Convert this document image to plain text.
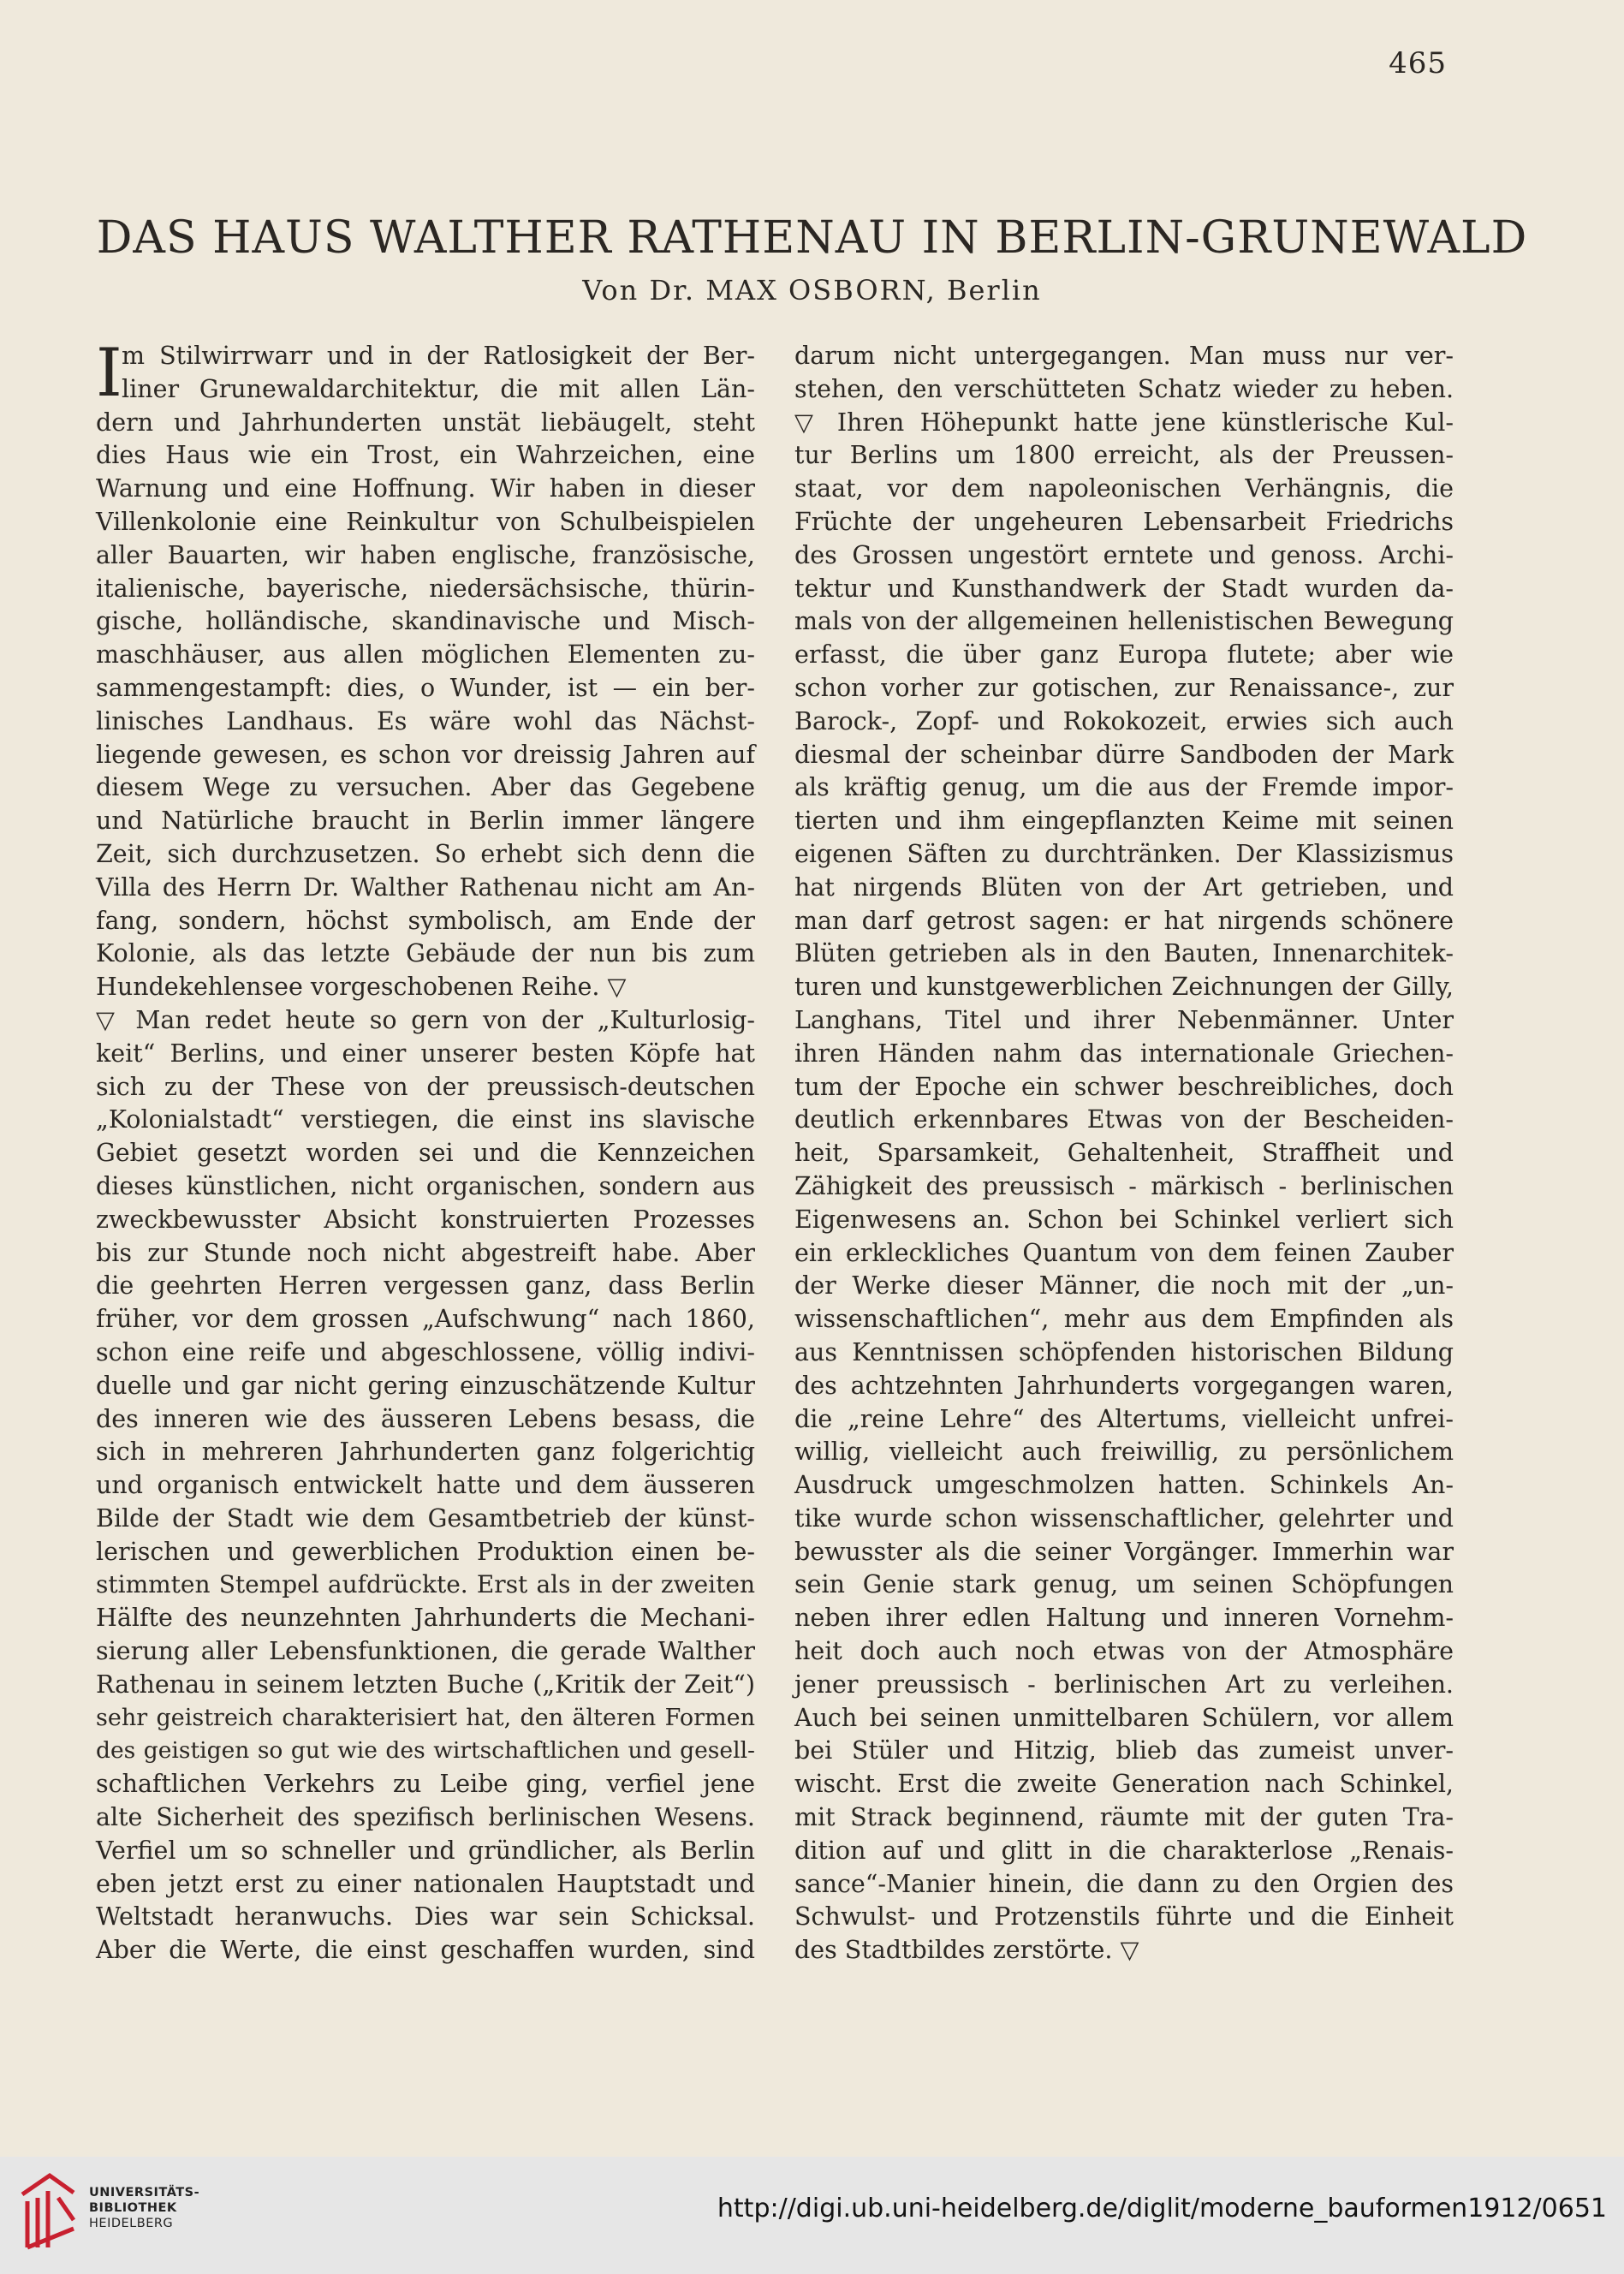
465
DAS HAUS WALTHER RATHENAU IN BERLIN-GRUNEWALD
Von Dr. MAX OSBORN, Berlin
I m Stilwirrwarr und in der Ratlosigkeit der Ber-
liner Grunewaldarchitektur, die mit allen Län-
dern und Jahrhunderten unstät liebäugelt, steht
dies Haus wie ein Trost, ein Wahrzeichen, eine
Warnung und eine Hoffnung. Wir haben in dieser
Villenkolonie eine Reinkultur von Schulbeispielen
aller Bauarten, wir haben englische, französische,
italienische, bayerische, niedersächsische, thürin-
gische, holländische, skandinavische und Misch-
maschhäuser, aus allen möglichen Elementen zu-
sammengestampft: dies, o Wunder, ist — ein ber-
linisches Landhaus. Es wäre wohl das Nächst-
liegende gewesen, es schon vor dreissig Jahren auf
diesem Wege zu versuchen. Aber das Gegebene
und Natürliche braucht in Berlin immer längere
Zeit, sich durchzusetzen. So erhebt sich denn die
Villa des Herrn Dr. Walther Rathenau nicht am An-
fang, sondern, höchst symbolisch, am Ende der
Kolonie, als das letzte Gebäude der nun bis zum
Hundekehlensee vorgeschobenen Reihe. ▽
▽ Man redet heute so gern von der „Kulturlosig-
keit“ Berlins, und einer unserer besten Köpfe hat
sich zu der These von der preussisch-deutschen
„Kolonialstadt“ verstiegen, die einst ins slavische
Gebiet gesetzt worden sei und die Kennzeichen
dieses künstlichen, nicht organischen, sondern aus
zweckbewusster Absicht konstruierten Prozesses
bis zur Stunde noch nicht abgestreift habe. Aber
die geehrten Herren vergessen ganz, dass Berlin
früher, vor dem grossen „Aufschwung“ nach 1860,
schon eine reife und abgeschlossene, völlig indivi-
duelle und gar nicht gering einzuschätzende Kultur
des inneren wie des äusseren Lebens besass, die
sich in mehreren Jahrhunderten ganz folgerichtig
und organisch entwickelt hatte und dem äusseren
Bilde der Stadt wie dem Gesamtbetrieb der künst-
lerischen und gewerblichen Produktion einen be-
stimmten Stempel aufdrückte. Erst als in der zweiten
Hälfte des neunzehnten Jahrhunderts die Mechani-
sierung aller Lebensfunktionen, die gerade Walther
Rathenau in seinem letzten Buche („Kritik der Zeit“)
sehr geistreich charakterisiert hat, den älteren Formen
des geistigen so gut wie des wirtschaftlichen und gesell-
schaftlichen Verkehrs zu Leibe ging, verfiel jene
alte Sicherheit des spezifisch berlinischen Wesens.
Verfiel um so schneller und gründlicher, als Berlin
eben jetzt erst zu einer nationalen Hauptstadt und
Weltstadt heranwuchs. Dies war sein Schicksal.
Aber die Werte, die einst geschaffen wurden, sind
darum nicht untergegangen. Man muss nur ver-
stehen, den verschütteten Schatz wieder zu heben.
▽ Ihren Höhepunkt hatte jene künstlerische Kul-
tur Berlins um 1800 erreicht, als der Preussen-
staat, vor dem napoleonischen Verhängnis, die
Früchte der ungeheuren Lebensarbeit Friedrichs
des Grossen ungestört erntete und genoss. Archi-
tektur und Kunsthandwerk der Stadt wurden da-
mals von der allgemeinen hellenistischen Bewegung
erfasst, die über ganz Europa flutete; aber wie
schon vorher zur gotischen, zur Renaissance-, zur
Barock-, Zopf- und Rokokozeit, erwies sich auch
diesmal der scheinbar dürre Sandboden der Mark
als kräftig genug, um die aus der Fremde impor-
tierten und ihm eingepflanzten Keime mit seinen
eigenen Säften zu durchtränken. Der Klassizismus
hat nirgends Blüten von der Art getrieben, und
man darf getrost sagen: er hat nirgends schönere
Blüten getrieben als in den Bauten, Innenarchitek-
turen und kunstgewerblichen Zeichnungen der Gilly,
Langhans, Titel und ihrer Nebenmänner. Unter
ihren Händen nahm das internationale Griechen-
tum der Epoche ein schwer beschreibliches, doch
deutlich erkennbares Etwas von der Bescheiden-
heit, Sparsamkeit, Gehaltenheit, Straffheit und
Zähigkeit des preussisch - märkisch - berlinischen
Eigenwesens an. Schon bei Schinkel verliert sich
ein erkleckliches Quantum von dem feinen Zauber
der Werke dieser Männer, die noch mit der „un-
wissenschaftlichen“, mehr aus dem Empfinden als
aus Kenntnissen schöpfenden historischen Bildung
des achtzehnten Jahrhunderts vorgegangen waren,
die „reine Lehre“ des Altertums, vielleicht unfrei-
willig, vielleicht auch freiwillig, zu persönlichem
Ausdruck umgeschmolzen hatten. Schinkels An-
tike wurde schon wissenschaftlicher, gelehrter und
bewusster als die seiner Vorgänger. Immerhin war
sein Genie stark genug, um seinen Schöpfungen
neben ihrer edlen Haltung und inneren Vornehm-
heit doch auch noch etwas von der Atmosphäre
jener preussisch - berlinischen Art zu verleihen.
Auch bei seinen unmittelbaren Schülern, vor allem
bei Stüler und Hitzig, blieb das zumeist unver-
wischt. Erst die zweite Generation nach Schinkel,
mit Strack beginnend, räumte mit der guten Tra-
dition auf und glitt in die charakterlose „Renais-
sance“-Manier hinein, die dann zu den Orgien des
Schwulst- und Protzenstils führte und die Einheit
des Stadtbildes zerstörte. ▽
UNIVERSITÄTS-
BIBLIOTHEK
HEIDELBERG	http://digi.ub.uni-heidelberg.de/diglit/moderne_bauformen1912/0651
